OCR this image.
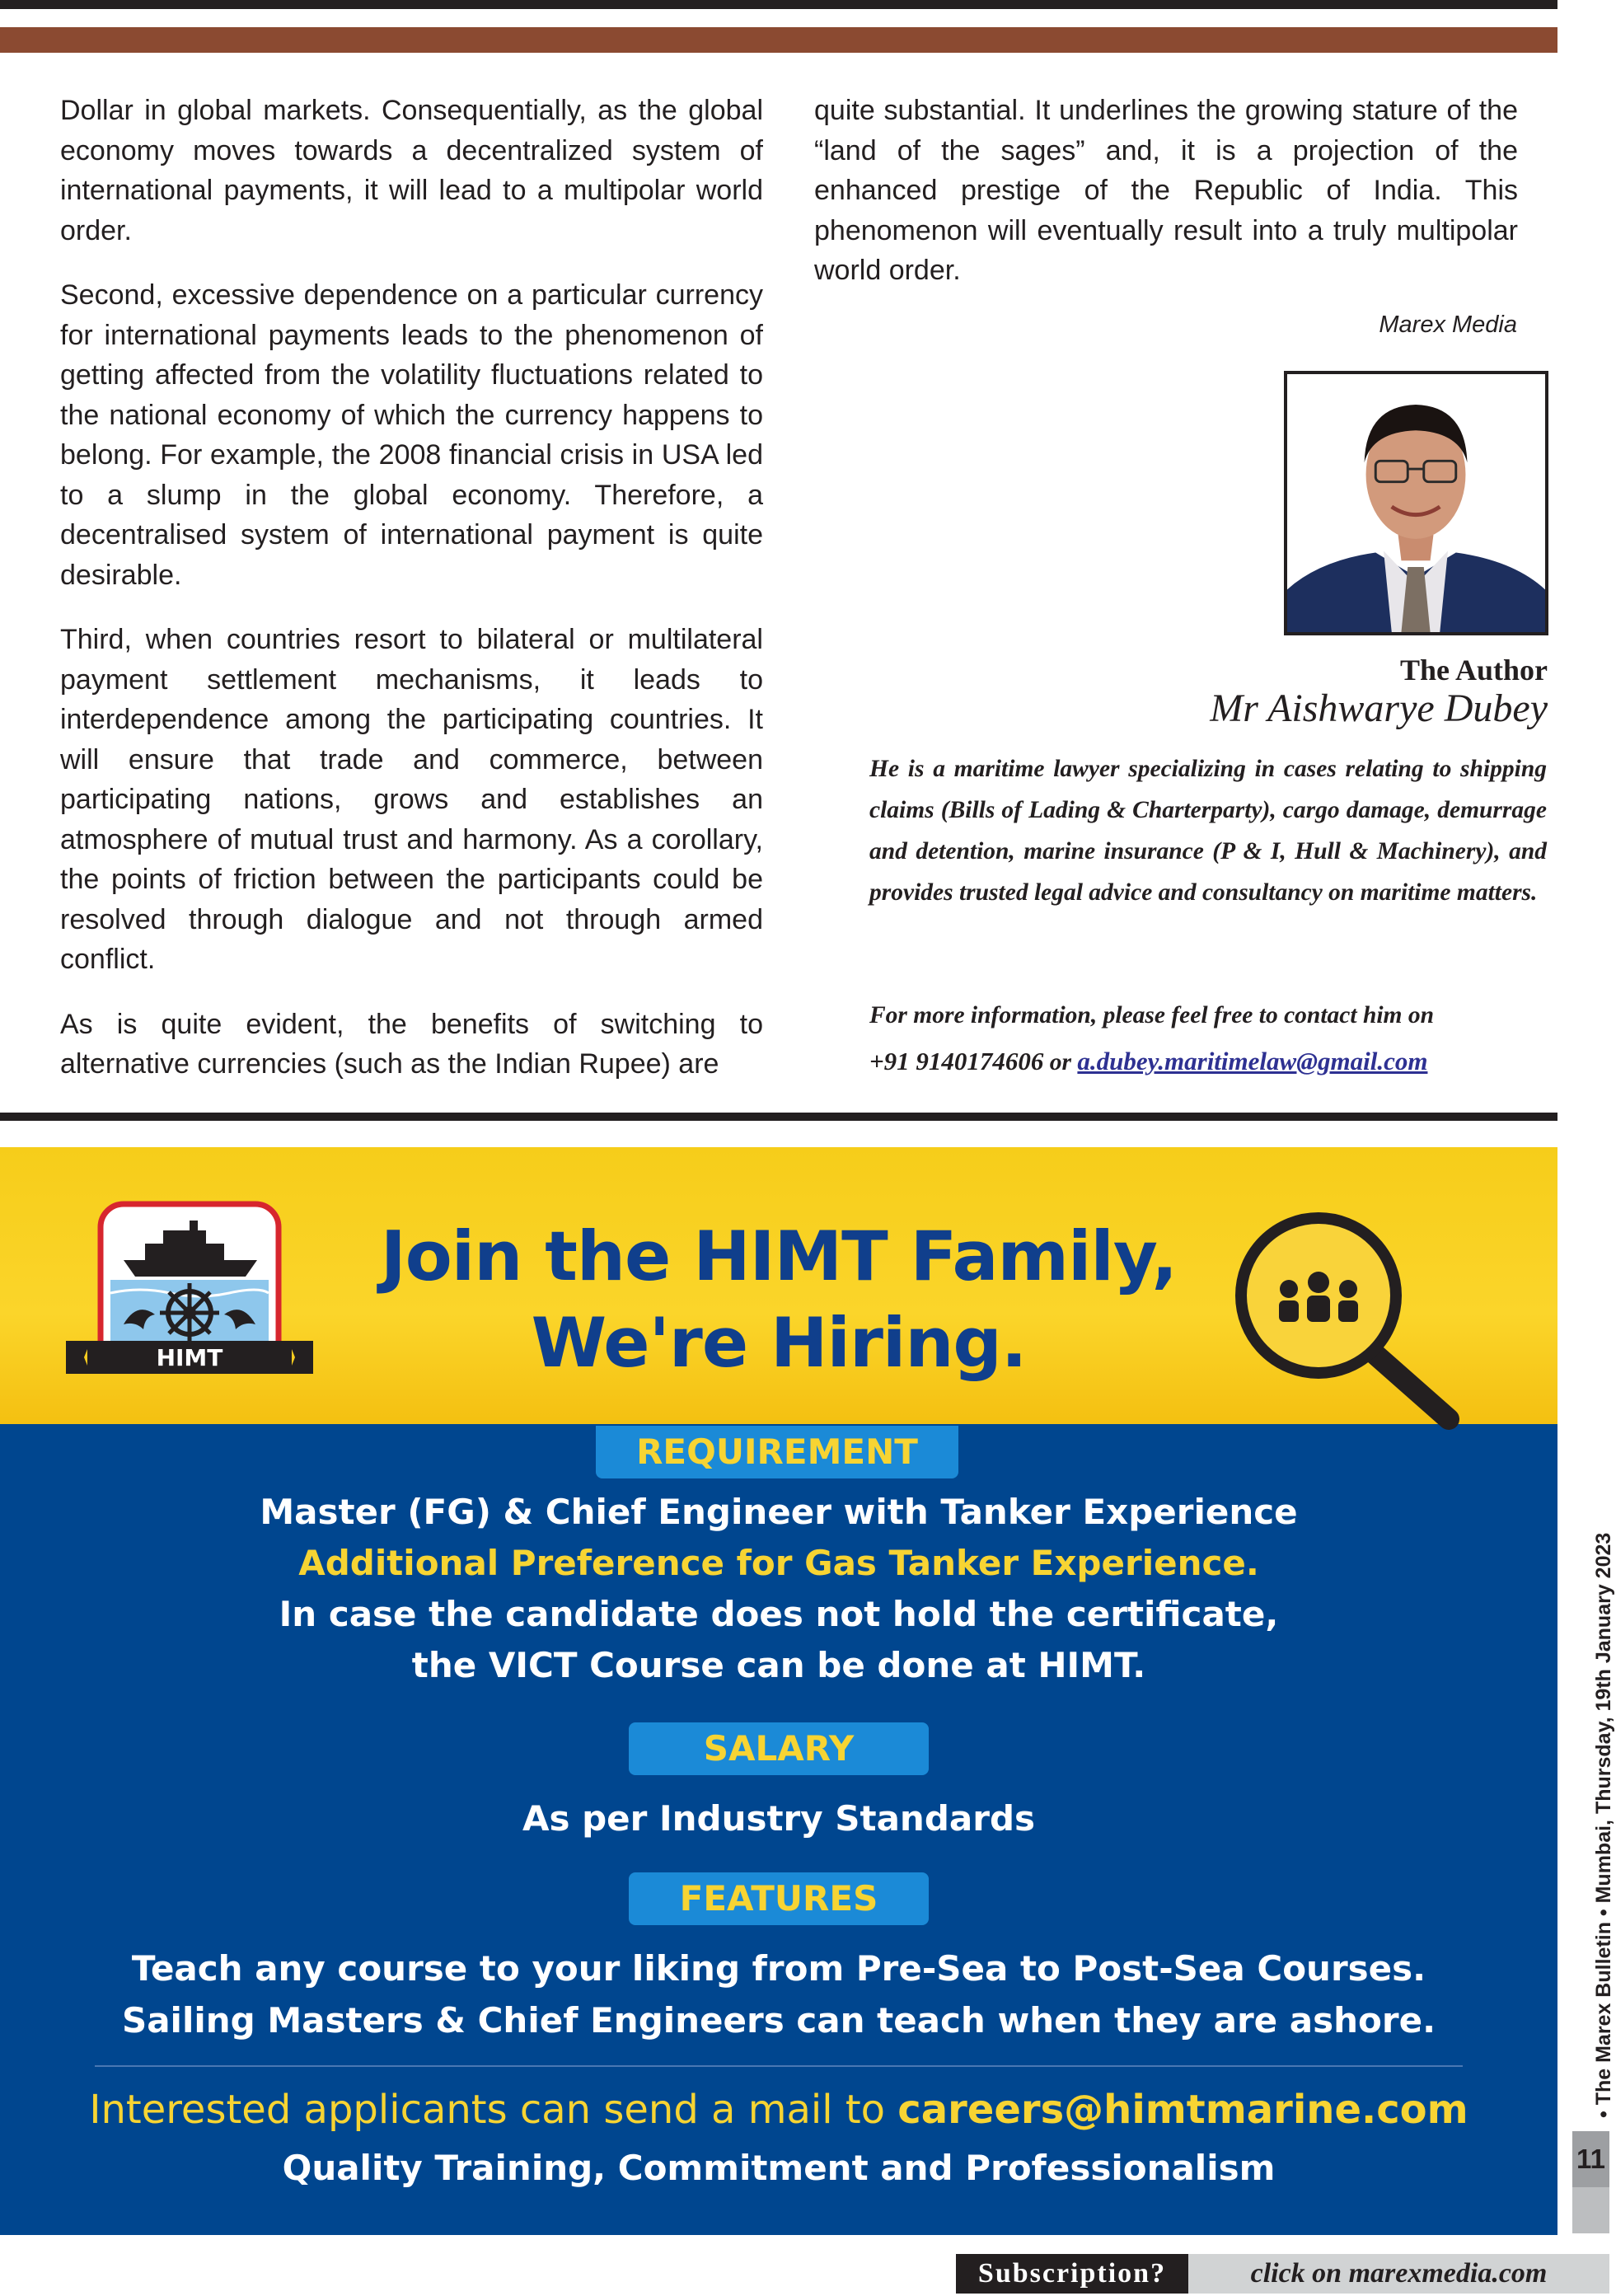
Dollar in global markets. Consequentially, as the global economy moves towards a decentralized system of international payments, it will lead to a multipolar world order.

Second, excessive dependence on a particular currency for international payments leads to the phenomenon of getting affected from the volatility fluctuations related to the national economy of which the currency happens to belong. For example, the 2008 financial crisis in USA led to a slump in the global economy. Therefore, a decentralised system of international payment is quite desirable.

Third, when countries resort to bilateral or multilateral payment settlement mechanisms, it leads to interdependence among the participating countries. It will ensure that trade and commerce, between participating nations, grows and establishes an atmosphere of mutual trust and harmony. As a corollary, the points of friction between the participants could be resolved through dialogue and not through armed conflict.

As is quite evident, the benefits of switching to alternative currencies (such as the Indian Rupee) are

quite substantial. It underlines the growing stature of the “land of the sages” and, it is a projection of the enhanced prestige of the Republic of India. This phenomenon will eventually result into a truly multipolar world order.

Marex Media
The Author
Mr Aishwarye Dubey
He is a maritime lawyer specializing in cases relating to shipping claims (Bills of Lading & Charterparty), cargo damage, demurrage and detention, marine insurance (P & I, Hull & Machinery), and provides trusted legal advice and consultancy on maritime matters.
For more information, please feel free to contact him on
+91 9140174606 or a.dubey.maritimelaw@gmail.com
HIMT
Join the HIMT Family,
We're Hiring.
REQUIREMENT
Master (FG) & Chief Engineer with Tanker Experience
Additional Preference for Gas Tanker Experience.
In case the candidate does not hold the certificate,
the VICT Course can be done at HIMT.
SALARY
As per Industry Standards
FEATURES
Teach any course to your liking from Pre-Sea to Post-Sea Courses.
Sailing Masters & Chief Engineers can teach when they are ashore.
Interested applicants can send a mail to careers@himtmarine.com
Quality Training, Commitment and Professionalism
• The Marex Bulletin • Mumbai, Thursday, 19th January 2023
11
Subscription?	click on marexmedia.com
